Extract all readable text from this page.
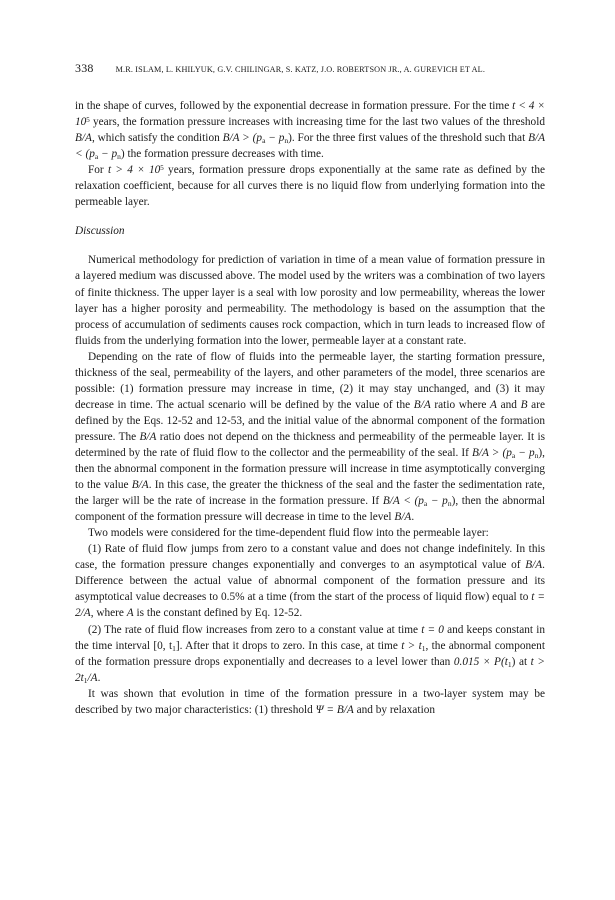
338	M.R. ISLAM, L. KHILYUK, G.V. CHILINGAR, S. KATZ, J.O. ROBERTSON JR., A. GUREVICH ET AL.

in the shape of curves, followed by the exponential decrease in formation pressure. For the time $t < 4 \times 10^5$ years, the formation pressure increases with increasing time for the last two values of the threshold B/A, which satisfy the condition $B/A > (p_a - p_n)$. For the three first values of the threshold such that $B/A < (p_a - p_n)$ the formation pressure decreases with time.

For $t > 4 \times 10^5$ years, formation pressure drops exponentially at the same rate as defined by the relaxation coefficient, because for all curves there is no liquid flow from underlying formation into the permeable layer.

Discussion

Numerical methodology for prediction of variation in time of a mean value of formation pressure in a layered medium was discussed above. The model used by the writers was a combination of two layers of finite thickness. The upper layer is a seal with low porosity and low permeability, whereas the lower layer has a higher porosity and permeability. The methodology is based on the assumption that the process of accumulation of sediments causes rock compaction, which in turn leads to increased flow of fluids from the underlying formation into the lower, permeable layer at a constant rate.

Depending on the rate of flow of fluids into the permeable layer, the starting formation pressure, thickness of the seal, permeability of the layers, and other parameters of the model, three scenarios are possible: (1) formation pressure may increase in time, (2) it may stay unchanged, and (3) it may decrease in time. The actual scenario will be defined by the value of the B/A ratio where A and B are defined by the Eqs. 12-52 and 12-53, and the initial value of the abnormal component of the formation pressure. The B/A ratio does not depend on the thickness and permeability of the permeable layer. It is determined by the rate of fluid flow to the collector and the permeability of the seal. If $B/A > (p_a - p_n)$, then the abnormal component in the formation pressure will increase in time asymptotically converging to the value B/A. In this case, the greater the thickness of the seal and the faster the sedimentation rate, the larger will be the rate of increase in the formation pressure. If $B/A < (p_a - p_n)$, then the abnormal component of the formation pressure will decrease in time to the level B/A.

Two models were considered for the time-dependent fluid flow into the permeable layer:

(1) Rate of fluid flow jumps from zero to a constant value and does not change indefinitely. In this case, the formation pressure changes exponentially and converges to an asymptotical value of B/A. Difference between the actual value of abnormal component of the formation pressure and its asymptotical value decreases to 0.5% at a time (from the start of the process of liquid flow) equal to t = 2/A, where A is the constant defined by Eq. 12-52.

(2) The rate of fluid flow increases from zero to a constant value at time t = 0 and keeps constant in the time interval [0, $t_1$]. After that it drops to zero. In this case, at time $t > t_1$, the abnormal component of the formation pressure drops exponentially and decreases to a level lower than $0.015 \times P(t_1)$ at $t > 2t_1/A$.

It was shown that evolution in time of the formation pressure in a two-layer system may be described by two major characteristics: (1) threshold Ψ = B/A and by relaxation
